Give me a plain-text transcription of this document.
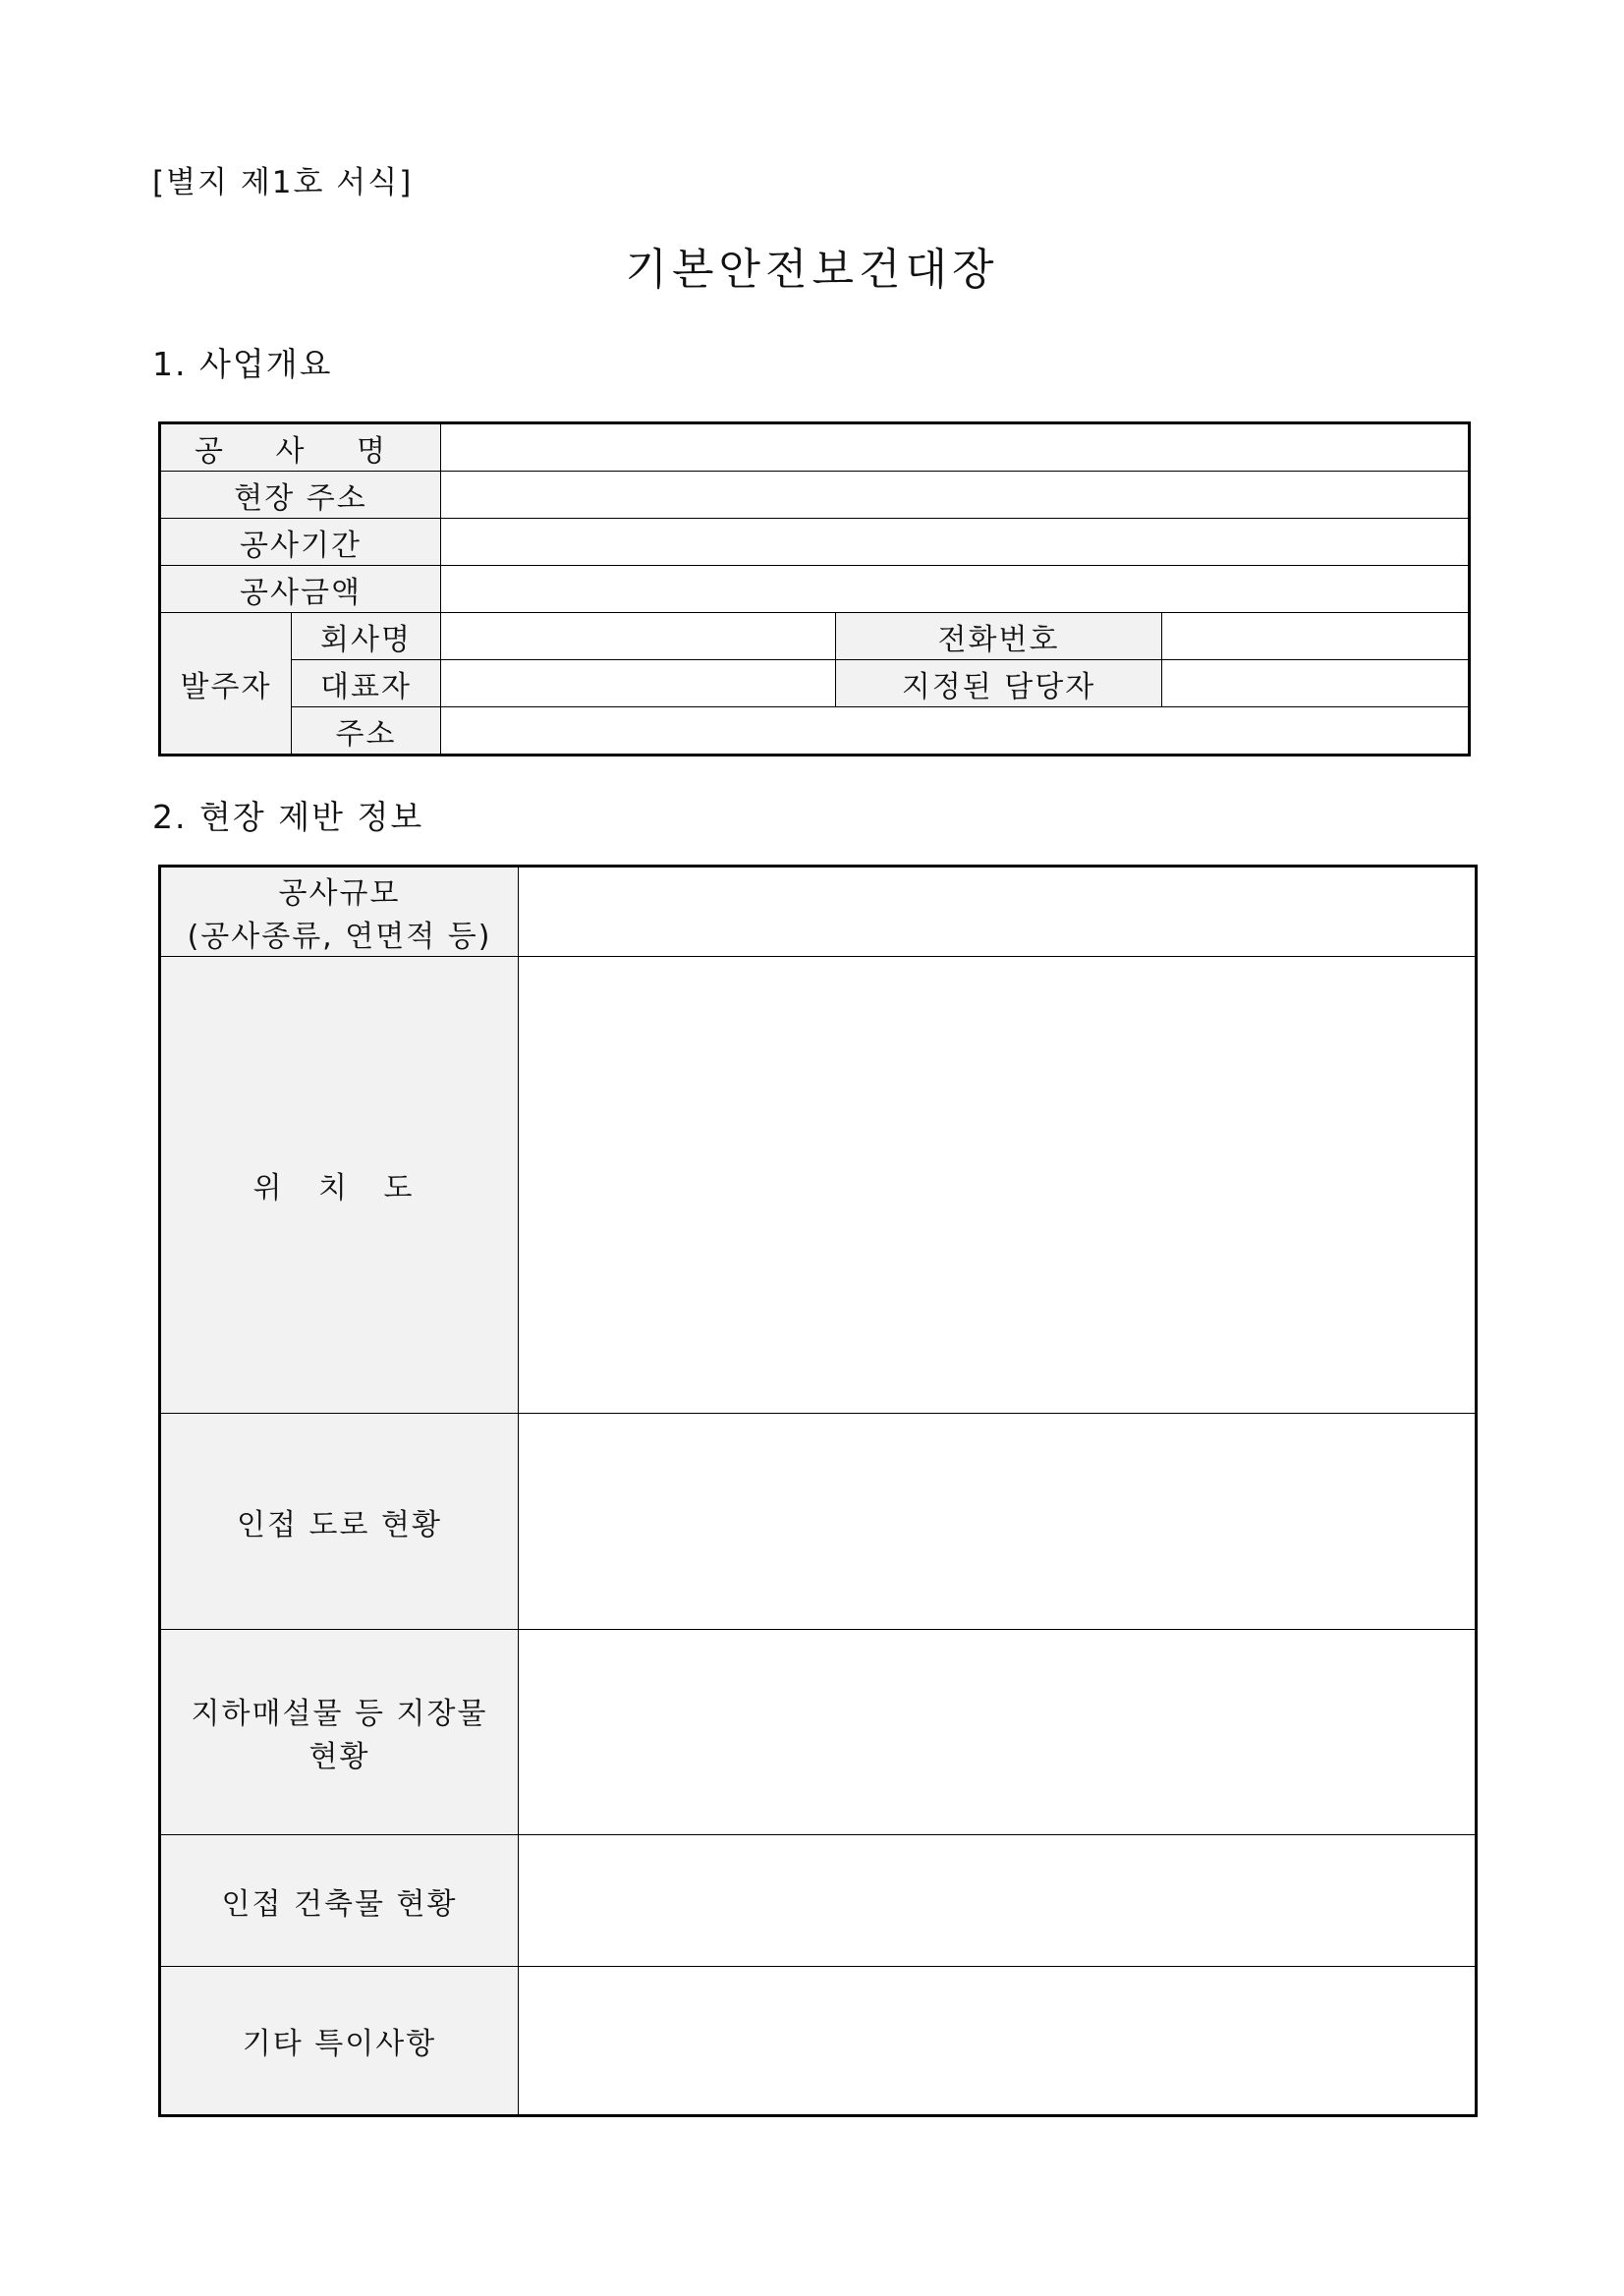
[별지 제1호 서식]
기본안전보건대장
1. 사업개요
공 사 명				
현장 주소				
공사기간				
공사금액				
발주자	회사명		전화번호	
	대표자		지정된 담당자	
	주소			
2. 현장 제반 정보
공사규모
(공사종류, 연면적 등)	

위 치 도	
인접 도로 현황	

지하매설물 등 지장물
현황	

인접 건축물 현황	
기타 특이사항	
